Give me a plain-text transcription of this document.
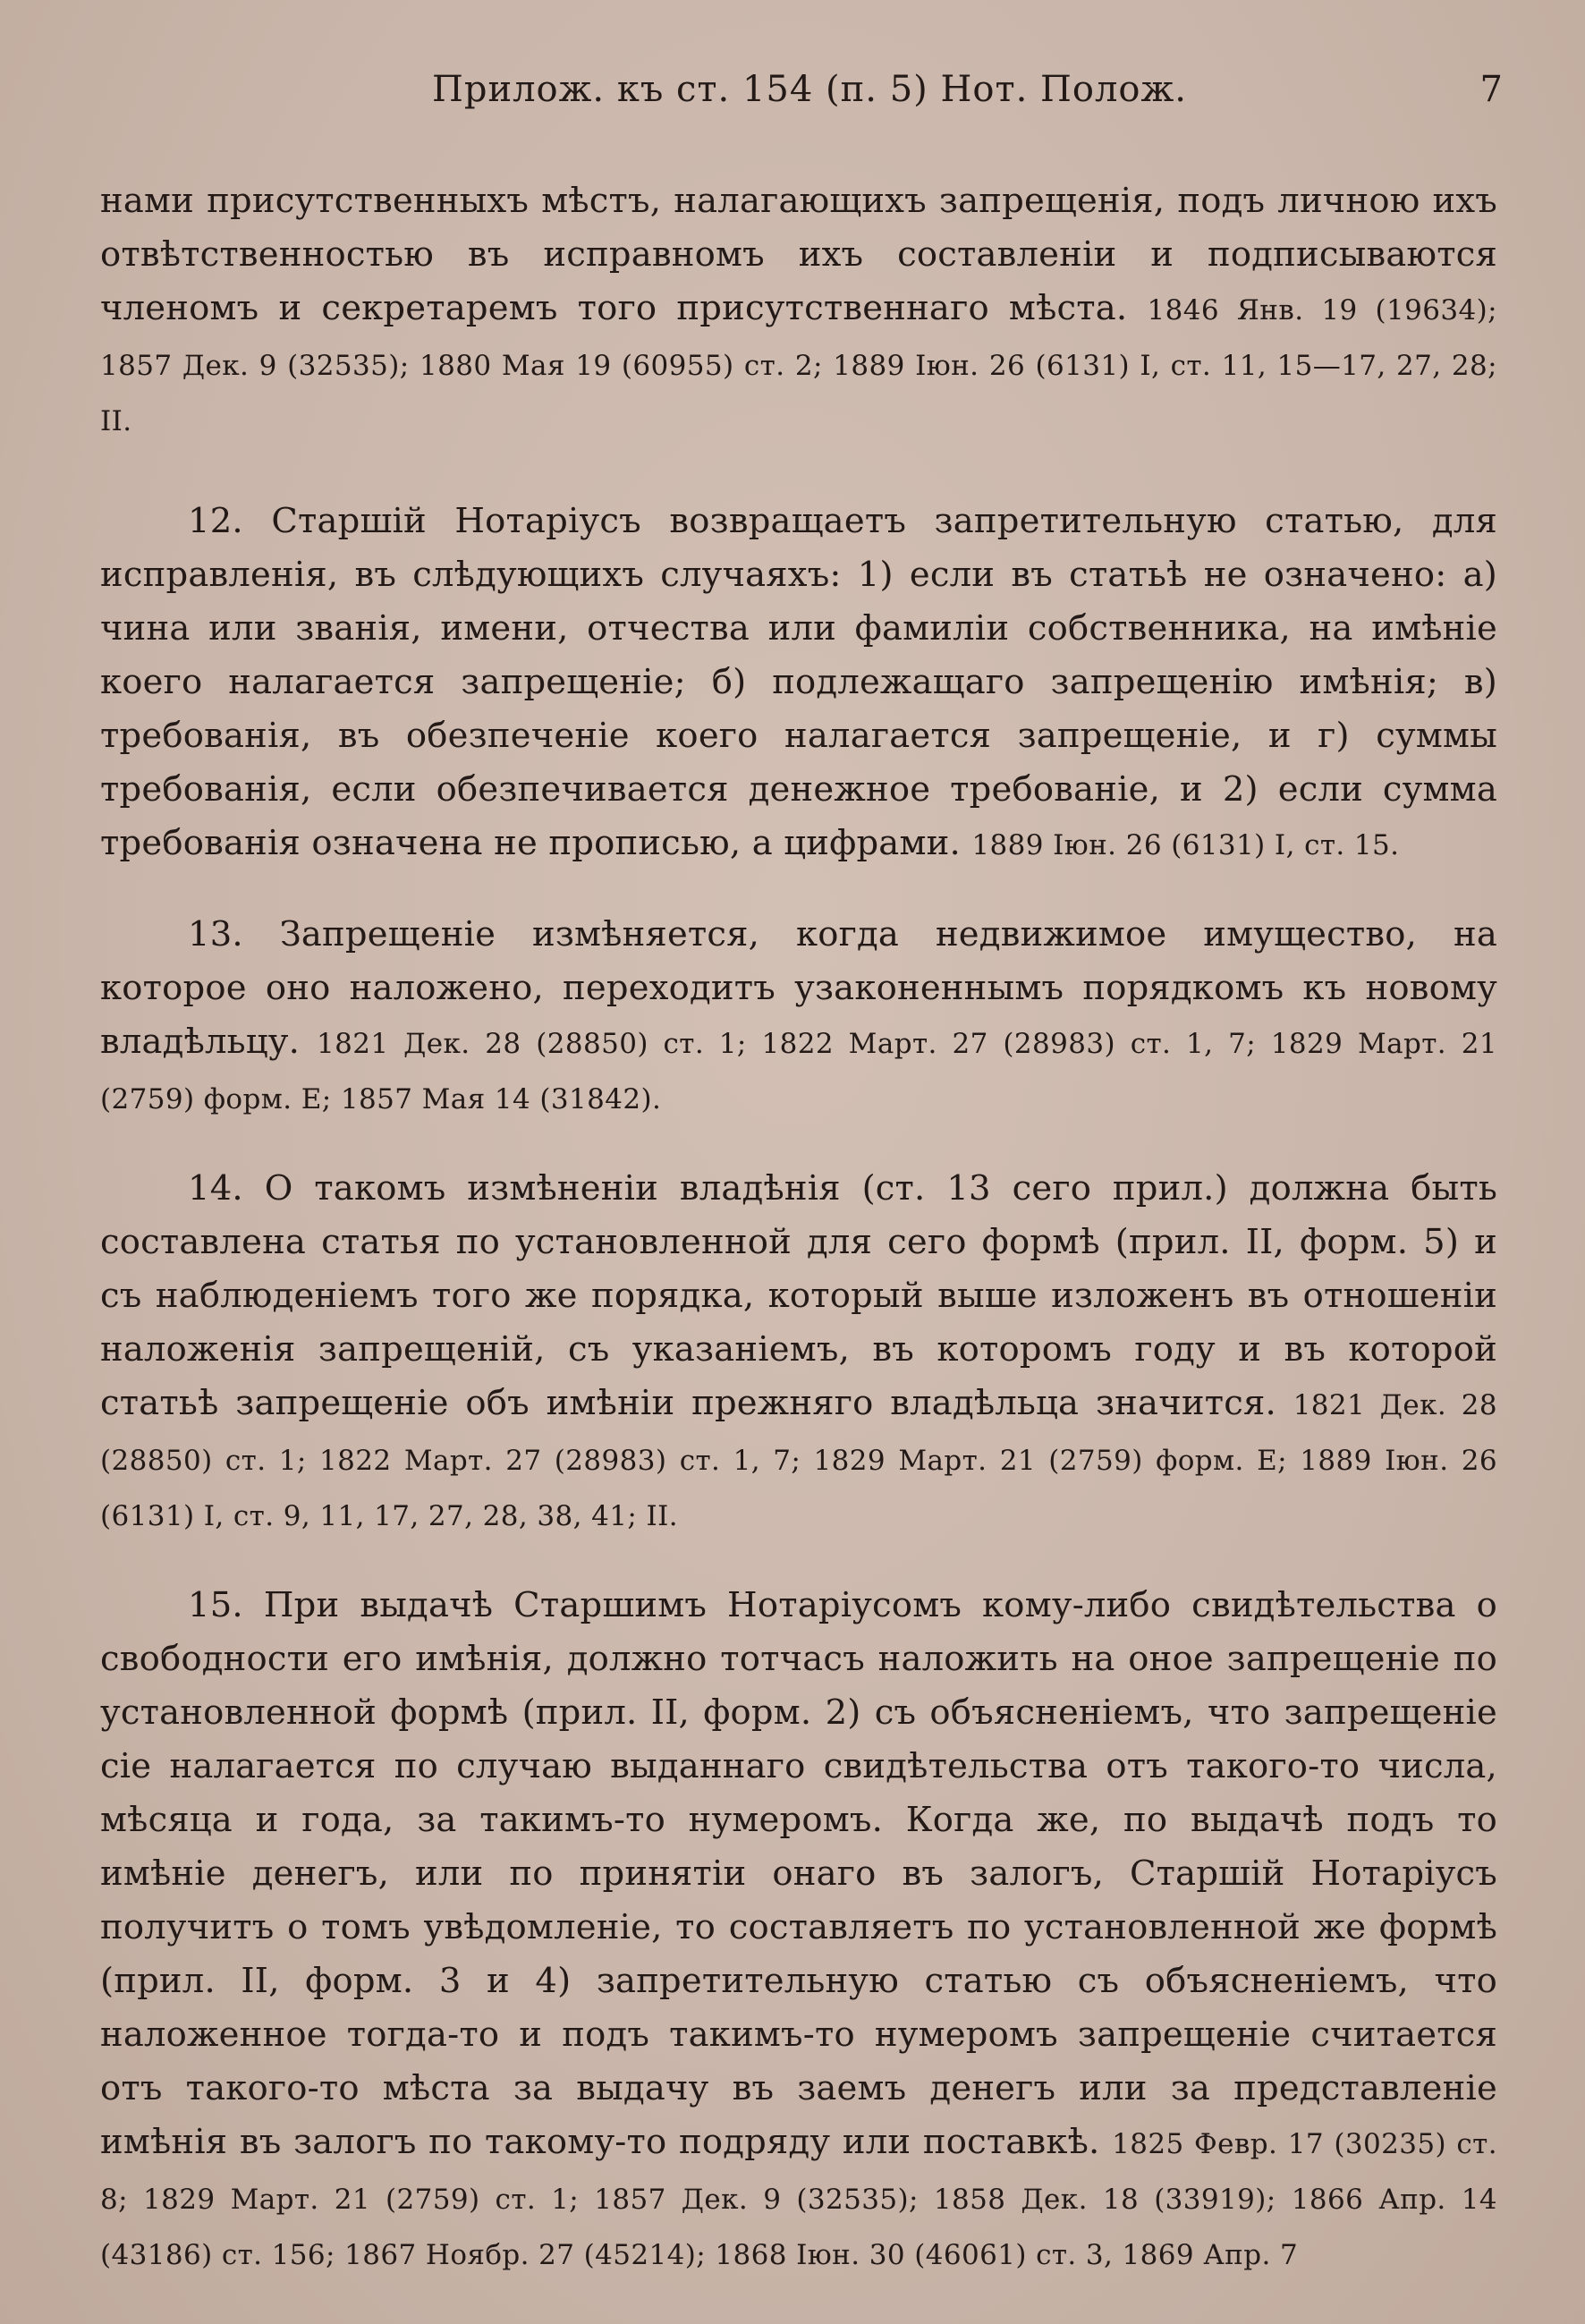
Прилож. къ ст. 154 (п. 5) Нот. Полож.	7

нами присутственныхъ мѣстъ, налагающихъ запрещенія, подъ личною ихъ отвѣтственностью въ исправномъ ихъ составленіи и подписываются членомъ и секретаремъ того присутственнаго мѣста. 1846 Янв. 19 (19634); 1857 Дек. 9 (32535); 1880 Мая 19 (60955) ст. 2; 1889 Іюн. 26 (6131) I, ст. 11, 15—17, 27, 28; II.

12. Старшій Нотаріусъ возвращаетъ запретительную статью, для исправленія, въ слѣдующихъ случаяхъ: 1) если въ статьѣ не означено: а) чина или званія, имени, отчества или фамиліи собственника, на имѣніе коего налагается запрещеніе; б) подлежащаго запрещенію имѣнія; в) требованія, въ обезпеченіе коего налагается запрещеніе, и г) суммы требованія, если обезпечивается денежное требованіе, и 2) если сумма требованія означена не прописью, а цифрами. 1889 Іюн. 26 (6131) I, ст. 15.

13. Запрещеніе измѣняется, когда недвижимое имущество, на которое оно наложено, переходитъ узаконеннымъ порядкомъ къ новому владѣльцу. 1821 Дек. 28 (28850) ст. 1; 1822 Март. 27 (28983) ст. 1, 7; 1829 Март. 21 (2759) форм. Е; 1857 Мая 14 (31842).

14. О такомъ измѣненіи владѣнія (ст. 13 сего прил.) должна быть составлена статья по установленной для сего формѣ (прил. II, форм. 5) и съ наблюденіемъ того же порядка, который выше изложенъ въ отношеніи наложенія запрещеній, съ указаніемъ, въ которомъ году и въ которой статьѣ запрещеніе объ имѣніи прежняго владѣльца значится. 1821 Дек. 28 (28850) ст. 1; 1822 Март. 27 (28983) ст. 1, 7; 1829 Март. 21 (2759) форм. Е; 1889 Іюн. 26 (6131) I, ст. 9, 11, 17, 27, 28, 38, 41; II.

15. При выдачѣ Старшимъ Нотаріусомъ кому-либо свидѣтельства о свободности его имѣнія, должно тотчасъ наложить на оное запрещеніе по установленной формѣ (прил. II, форм. 2) съ объясненіемъ, что запрещеніе сіе налагается по случаю выданнаго свидѣтельства отъ такого-то числа, мѣсяца и года, за такимъ-то нумеромъ. Когда же, по выдачѣ подъ то имѣніе денегъ, или по принятіи онаго въ залогъ, Старшій Нотаріусъ получитъ о томъ увѣдомленіе, то составляетъ по установленной же формѣ (прил. II, форм. 3 и 4) запретительную статью съ объясненіемъ, что наложенное тогда-то и подъ такимъ-то нумеромъ запрещеніе считается отъ такого-то мѣста за выдачу въ заемъ денегъ или за представленіе имѣнія въ залогъ по такому-то подряду или поставкѣ. 1825 Февр. 17 (30235) ст. 8; 1829 Март. 21 (2759) ст. 1; 1857 Дек. 9 (32535); 1858 Дек. 18 (33919); 1866 Апр. 14 (43186) ст. 156; 1867 Ноябр. 27 (45214); 1868 Іюн. 30 (46061) ст. 3, 1869 Апр. 7
